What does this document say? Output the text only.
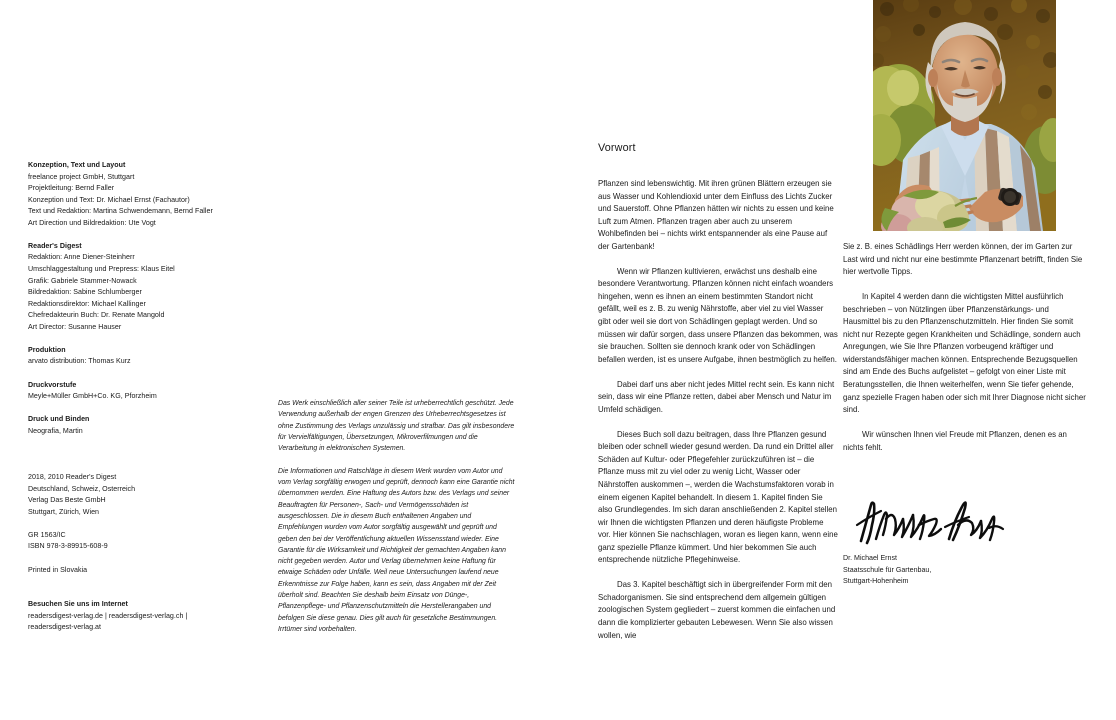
Konzeption, Text und Layout
freelance project GmbH, Stuttgart
Projektleitung: Bernd Faller
Konzeption und Text: Dr. Michael Ernst (Fachautor)
Text und Redaktion: Martina Schwendemann, Bernd Faller
Art Direction und Bildredaktion: Ute Vogt
Reader's Digest
Redaktion: Anne Diener-Steinherr
Umschlaggestaltung und Prepress: Klaus Eitel
Grafik: Gabriele Stammer-Nowack
Bildredaktion: Sabine Schlumberger
Redaktionsdirektor: Michael Kallinger
Chefredakteurin Buch: Dr. Renate Mangold
Art Director: Susanne Hauser
Produktion
arvato distribution: Thomas Kurz
Druckvorstufe
Meyle+Müller GmbH+Co. KG, Pforzheim
Druck und Binden
Neografia, Martin
2018, 2010 Reader's Digest
Deutschland, Schweiz, Osterreich
Verlag Das Beste GmbH
Stuttgart, Zürich, Wien
GR 1563/IC
ISBN 978-3-89915-608-9
Printed in Slovakia
Besuchen Sie uns im Internet
readersdigest-verlag.de | readersdigest-verlag.ch |
readersdigest-verlag.at

Das Werk einschließlich aller seiner Teile ist urheberrechtlich geschützt. Jede Verwendung außerhalb der engen Grenzen des Urheberrechtsgesetzes ist ohne Zustimmung des Verlags unzulässig und strafbar. Das gilt insbesondere für Vervielfältigungen, Übersetzungen, Mikroverfilmungen und die Verarbeitung in elektronischen Systemen.

Die Informationen und Ratschläge in diesem Werk wurden vom Autor und vom Verlag sorgfältig erwogen und geprüft, dennoch kann eine Garantie nicht übernommen werden. Eine Haftung des Autors bzw. des Verlags und seiner Beauftragten für Personen-, Sach- und Vermögensschäden ist ausgeschlossen. Die in diesem Buch enthaltenen Angaben und Empfehlungen wurden vom Autor sorgfältig ausgewählt und geprüft und geben den bei der Veröffentlichung aktuellen Wissensstand wieder. Eine Garantie für die Wirksamkeit und Richtigkeit der gemachten Angaben kann nicht gegeben werden. Autor und Verlag übernehmen keine Haftung für etwaige Schäden oder Unfälle. Weil neue Untersuchungen laufend neue Erkenntnisse zur Folge haben, kann es sein, dass Angaben mit der Zeit überholt sind. Beachten Sie deshalb beim Einsatz von Dünge-, Pflanzenpflege- und Pflanzenschutzmitteln die Herstellerangaben und befolgen Sie diese genau. Dies gilt auch für gesetzliche Bestimmungen. Irrtümer sind vorbehalten.

Vorwort

Pflanzen sind lebenswichtig. Mit ihren grünen Blättern erzeugen sie aus Wasser und Kohlendioxid unter dem Einfluss des Lichts Zucker und Sauerstoff. Ohne Pflanzen hätten wir nichts zu essen und keine Luft zum Atmen. Pflanzen tragen aber auch zu unserem Wohlbefinden bei – nichts wirkt entspannender als eine Pause auf der Gartenbank!

Wenn wir Pflanzen kultivieren, erwächst uns deshalb eine besondere Verantwortung. Pflanzen können nicht einfach woanders hingehen, wenn es ihnen an einem bestimmten Standort nicht gefällt, weil es z. B. zu wenig Nährstoffe, aber viel zu viel Wasser gibt oder weil sie dort von Schädlingen geplagt werden. Und so müssen wir dafür sorgen, dass unsere Pflanzen das bekommen, was sie brauchen. Sollten sie dennoch krank oder von Schädlingen befallen werden, ist es unsere Aufgabe, ihnen bestmöglich zu helfen.

Dabei darf uns aber nicht jedes Mittel recht sein. Es kann nicht sein, dass wir eine Pflanze retten, dabei aber Mensch und Natur im Umfeld schädigen.

Dieses Buch soll dazu beitragen, dass Ihre Pflanzen gesund bleiben oder schnell wieder gesund werden. Da rund ein Drittel aller Schäden auf Kultur- oder Pflegefehler zurückzuführen ist – die Pflanze muss mit zu viel oder zu wenig Licht, Wasser oder Nährstoffen auskommen –, werden die Wachstumsfaktoren vorab in einem eigenen Kapitel behandelt. In diesem 1. Kapitel finden Sie also Grundlegendes. Im sich daran anschließenden 2. Kapitel stellen wir Ihnen die wichtigsten Pflanzen und deren häufigste Probleme vor. Hier können Sie nachschlagen, woran es liegen kann, wenn eine ganz spezielle Pflanze kümmert. Und hier bekommen Sie auch entsprechende nützliche Pflegehinweise.

Das 3. Kapitel beschäftigt sich in übergreifender Form mit den Schadorganismen. Sie sind entsprechend dem allgemein gültigen zoologischen System gegliedert – zuerst kommen die einfachen und dann die komplizierter gebauten Lebewesen. Wenn Sie also wissen wollen, wie

Sie z. B. eines Schädlings Herr werden können, der im Garten zur Last wird und nicht nur eine bestimmte Pflanzenart betrifft, finden Sie hier wertvolle Tipps.

In Kapitel 4 werden dann die wichtigsten Mittel ausführlich beschrieben – von Nützlingen über Pflanzenstärkungs- und Hausmittel bis zu den Pflanzenschutzmitteln. Hier finden Sie somit nicht nur Rezepte gegen Krankheiten und Schädlinge, sondern auch Anregungen, wie Sie Ihre Pflanzen vorbeugend kräftiger und widerstandsfähiger machen können. Entsprechende Bezugsquellen sind am Ende des Buchs aufgelistet – gefolgt von einer Liste mit Beratungsstellen, die Ihnen weiterhelfen, wenn Sie tiefer gehende, ganz spezielle Fragen haben oder sich mit Ihrer Diagnose nicht sicher sind.

Wir wünschen Ihnen viel Freude mit Pflanzen, denen es an nichts fehlt.

Dr. Michael Ernst
Staatsschule für Gartenbau,
Stuttgart-Hohenheim
